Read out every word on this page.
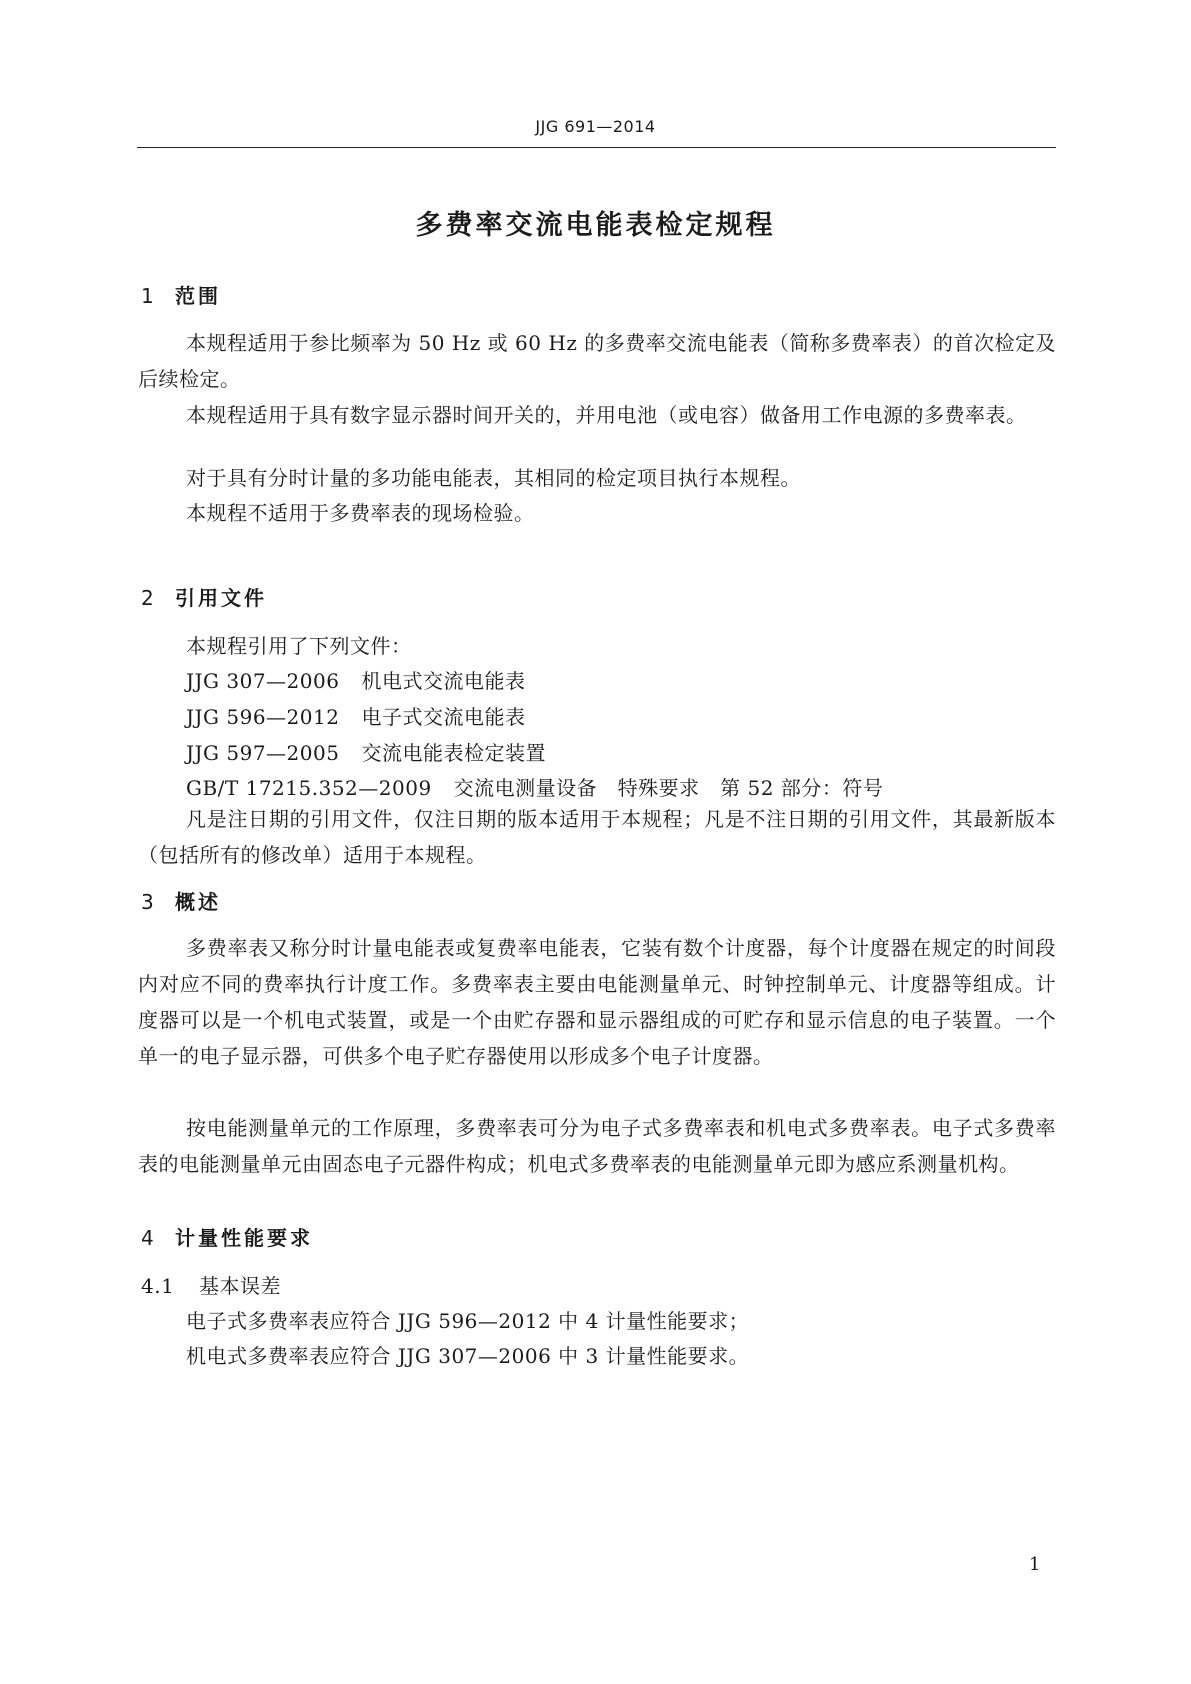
JJG 691—2014
多费率交流电能表检定规程
1 范围
本规程适用于参比频率为 50 Hz 或 60 Hz 的多费率交流电能表（简称多费率表）的首次检定及后续检定。
本规程适用于具有数字显示器时间开关的，并用电池（或电容）做备用工作电源的多费率表。
对于具有分时计量的多功能电能表，其相同的检定项目执行本规程。
本规程不适用于多费率表的现场检验。
2 引用文件
本规程引用了下列文件：
JJG 307—2006 机电式交流电能表
JJG 596—2012 电子式交流电能表
JJG 597—2005 交流电能表检定装置
GB/T 17215.352—2009 交流电测量设备　特殊要求　第 52 部分：符号
凡是注日期的引用文件，仅注日期的版本适用于本规程；凡是不注日期的引用文件，其最新版本（包括所有的修改单）适用于本规程。
3 概述
多费率表又称分时计量电能表或复费率电能表，它装有数个计度器，每个计度器在规定的时间段内对应不同的费率执行计度工作。多费率表主要由电能测量单元、时钟控制单元、计度器等组成。计度器可以是一个机电式装置，或是一个由贮存器和显示器组成的可贮存和显示信息的电子装置。一个单一的电子显示器，可供多个电子贮存器使用以形成多个电子计度器。
按电能测量单元的工作原理，多费率表可分为电子式多费率表和机电式多费率表。电子式多费率表的电能测量单元由固态电子元器件构成；机电式多费率表的电能测量单元即为感应系测量机构。
4 计量性能要求
4.1 基本误差
电子式多费率表应符合 JJG 596—2012 中 4 计量性能要求；
机电式多费率表应符合 JJG 307—2006 中 3 计量性能要求。
1
